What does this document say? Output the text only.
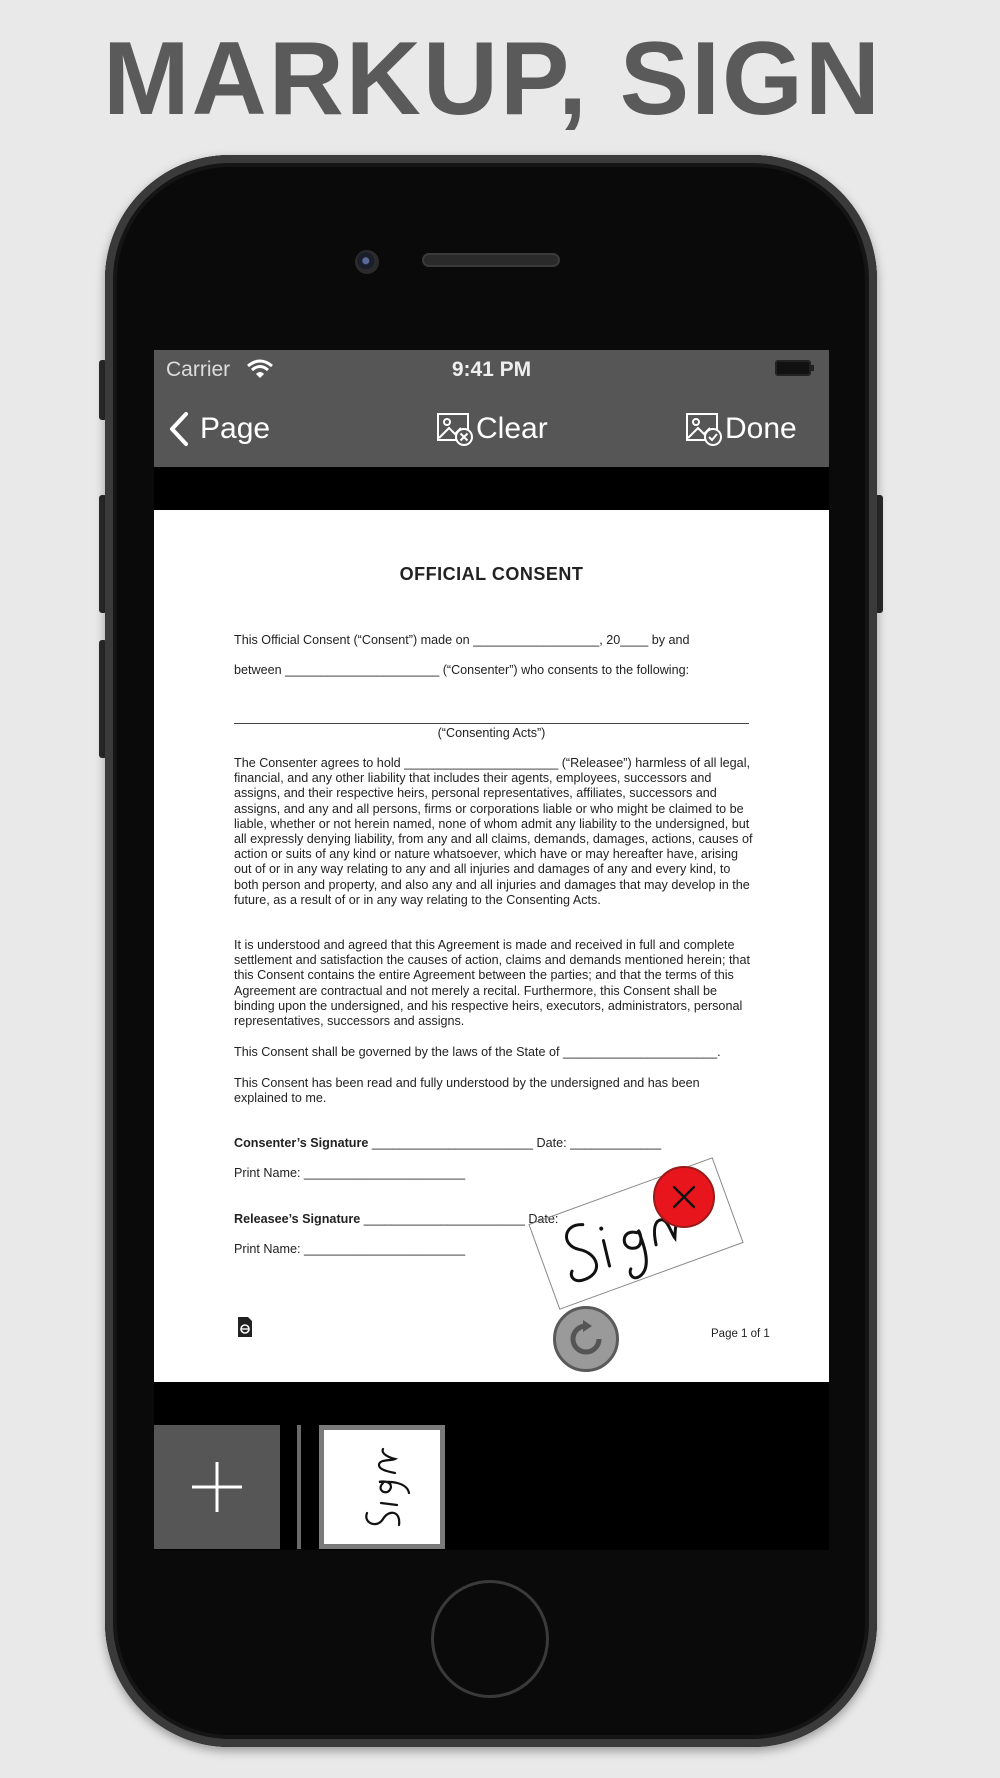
MARKUP, SIGN
Carrier	9:41 PM
Page	Clear	Done
OFFICIAL CONSENT

This Official Consent (“Consent”) made on __________________, 20____ by and

between ______________________ (“Consenter”) who consents to the following:

(“Consenting Acts”)

The Consenter agrees to hold ______________________ (“Releasee”) harmless of all legal, financial, and any other liability that includes their agents, employees, successors and assigns, and their respective heirs, personal representatives, affiliates, successors and assigns, and any and all persons, firms or corporations liable or who might be claimed to be liable, whether or not herein named, none of whom admit any liability to the undersigned, but all expressly denying liability, from any and all claims, demands, damages, actions, causes of action or suits of any kind or nature whatsoever, which have or may hereafter have, arising out of or in any way relating to any and all injuries and damages of any and every kind, to both person and property, and also any and all injuries and damages that may develop in the future, as a result of or in any way relating to the Consenting Acts.

It is understood and agreed that this Agreement is made and received in full and complete settlement and satisfaction the causes of action, claims and demands mentioned herein; that this Consent contains the entire Agreement between the parties; and that the terms of this Agreement are contractual and not merely a recital. Furthermore, this Consent shall be binding upon the undersigned, and his respective heirs, executors, administrators, personal representatives, successors and assigns.

This Consent shall be governed by the laws of the State of ______________________.

This Consent has been read and fully understood by the undersigned and has been explained to me.

Consenter’s Signature _______________________ Date: _____________

Print Name: _______________________

Releasee’s Signature _______________________ Date:

Print Name: _______________________

Page 1 of 1
